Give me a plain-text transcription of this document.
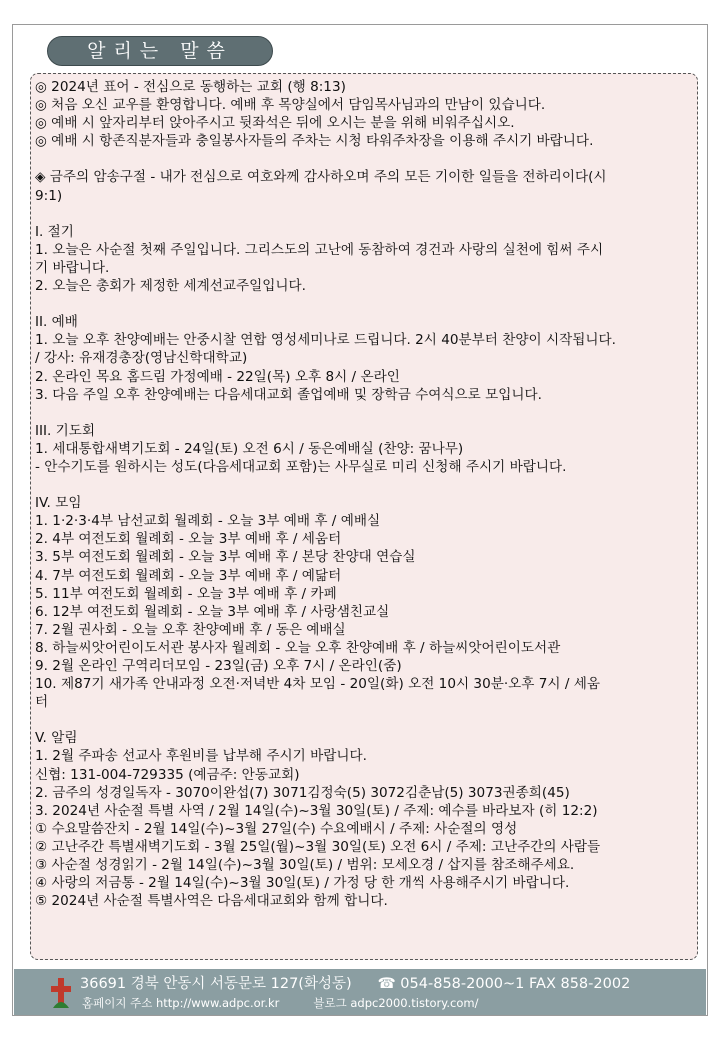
알리는 말씀
◎ 2024년 표어 - 전심으로 동행하는 교회 (행 8:13)
◎ 처음 오신 교우를 환영합니다. 예배 후 목양실에서 담임목사님과의 만남이 있습니다.
◎ 예배 시 앞자리부터 앉아주시고 뒷좌석은 뒤에 오시는 분을 위해 비워주십시오.
◎ 예배 시 항존직분자들과 충일봉사자들의 주차는 시청 타워주차장을 이용해 주시기 바랍니다.
◈ 금주의 암송구절 - 내가 전심으로 여호와께 감사하오며 주의 모든 기이한 일들을 전하리이다(시
9:1)
I. 절기
1. 오늘은 사순절 첫째 주일입니다. 그리스도의 고난에 동참하여 경건과 사랑의 실천에 힘써 주시
기 바랍니다.
2. 오늘은 총회가 제정한 세계선교주일입니다.
II. 예배
1. 오늘 오후 찬양예배는 안중시찰 연합 영성세미나로 드립니다. 2시 40분부터 찬양이 시작됩니다.
/ 강사: 유재경총장(영남신학대학교)
2. 온라인 목요 홈드림 가정예배 - 22일(목) 오후 8시 / 온라인
3. 다음 주일 오후 찬양예배는 다음세대교회 졸업예배 및 장학금 수여식으로 모입니다.
III. 기도회
1. 세대통합새벽기도회 - 24일(토) 오전 6시 / 동은예배실 (찬양: 꿈나무)
- 안수기도를 원하시는 성도(다음세대교회 포함)는 사무실로 미리 신청해 주시기 바랍니다.
IV. 모임
1. 1·2·3·4부 남선교회 월례회 - 오늘 3부 예배 후 / 예배실
2. 4부 여전도회 월례회 - 오늘 3부 예배 후 / 세움터
3. 5부 여전도회 월례회 - 오늘 3부 예배 후 / 본당 찬양대 연습실
4. 7부 여전도회 월례회 - 오늘 3부 예배 후 / 예닮터
5. 11부 여전도회 월례회 - 오늘 3부 예배 후 / 카페
6. 12부 여전도회 월례회 - 오늘 3부 예배 후 / 사랑샘친교실
7. 2월 권사회 - 오늘 오후 찬양예배 후 / 동은 예배실
8. 하늘씨앗어린이도서관 봉사자 월례회 - 오늘 오후 찬양예배 후 / 하늘씨앗어린이도서관
9. 2월 온라인 구역리더모임 - 23일(금) 오후 7시 / 온라인(줌)
10. 제87기 새가족 안내과정 오전·저녁반 4차 모임 - 20일(화) 오전 10시 30분·오후 7시 / 세움
터
V. 알림
1. 2월 주파송 선교사 후원비를 납부해 주시기 바랍니다.
신협: 131-004-729335 (예금주: 안동교회)
2. 금주의 성경일독자 - 3070이완섭(7) 3071김정숙(5) 3072김춘남(5) 3073권종희(45)
3. 2024년 사순절 특별 사역 / 2월 14일(수)~3월 30일(토) / 주제: 예수를 바라보자 (히 12:2)
① 수요말씀잔치 - 2월 14일(수)~3월 27일(수) 수요예배시 / 주제: 사순절의 영성
② 고난주간 특별새벽기도회 - 3월 25일(월)~3월 30일(토) 오전 6시 / 주제: 고난주간의 사람들
③ 사순절 성경읽기 - 2월 14일(수)~3월 30일(토) / 범위: 모세오경 / 삽지를 참조해주세요.
④ 사랑의 저금통 - 2월 14일(수)~3월 30일(토) / 가정 당 한 개씩 사용해주시기 바랍니다.
⑤ 2024년 사순절 특별사역은 다음세대교회와 함께 합니다.
36691 경북 안동시 서동문로 127(화성동) ☎ 054-858-2000~1 FAX 858-2002
홈페이지 주소 http://www.adpc.or.kr	블로그 adpc2000.tistory.com/
